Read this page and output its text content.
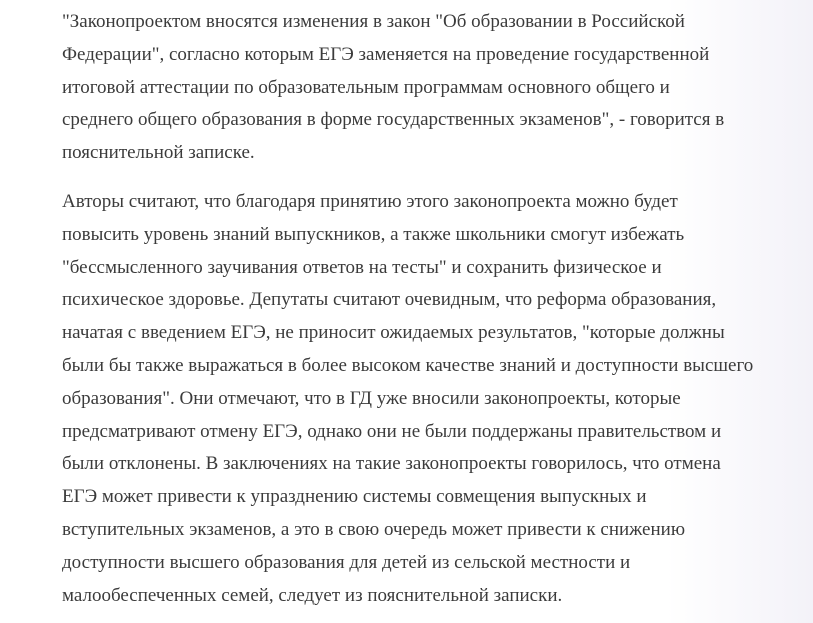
"Законопроектом вносятся изменения в закон "Об образовании в Российской
Федерации", согласно которым ЕГЭ заменяется на проведение государственной
итоговой аттестации по образовательным программам основного общего и
среднего общего образования в форме государственных экзаменов", - говорится в
пояснительной записке.

Авторы считают, что благодаря принятию этого законопроекта можно будет
повысить уровень знаний выпускников, а также школьники смогут избежать
"бессмысленного заучивания ответов на тесты" и сохранить физическое и
психическое здоровье. Депутаты считают очевидным, что реформа образования,
начатая с введением ЕГЭ, не приносит ожидаемых результатов, "которые должны
были бы также выражаться в более высоком качестве знаний и доступности высшего
образования". Они отмечают, что в ГД уже вносили законопроекты, которые
предсматривают отмену ЕГЭ, однако они не были поддержаны правительством и
были отклонены. В заключениях на такие законопроекты говорилось, что отмена
ЕГЭ может привести к упразднению системы совмещения выпускных и
вступительных экзаменов, а это в свою очередь может привести к снижению
доступности высшего образования для детей из сельской местности и
малообеспеченных семей, следует из пояснительной записки.
